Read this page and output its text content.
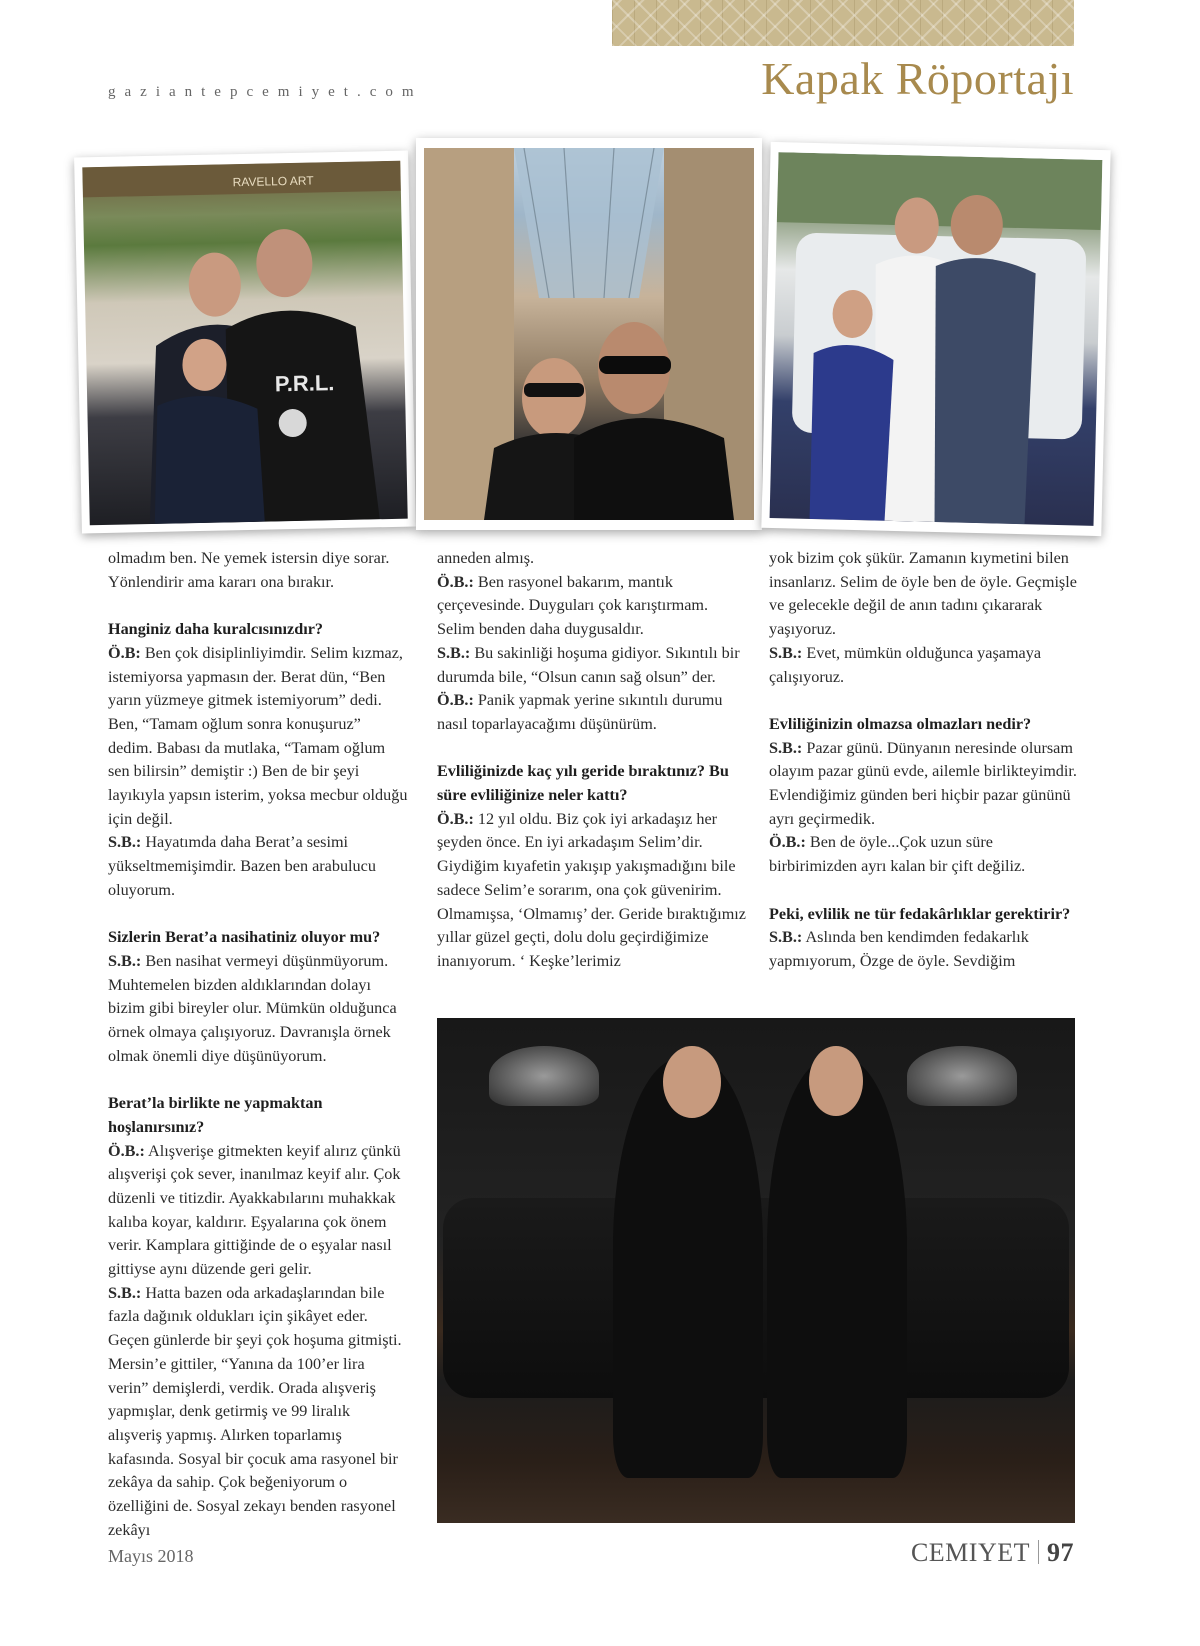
gaziantepcemiyet.com	Kapak Röportajı
RAVELLO ART
P.R.L.

olmadım ben. Ne yemek istersin diye sorar. Yönlendirir ama kararı ona bırakır.

Hanginiz daha kuralcısınızdır?

Ö.B: Ben çok disiplinliyimdir. Selim kızmaz, istemiyorsa yapmasın der. Berat dün, “Ben yarın yüzmeye gitmek istemiyorum” dedi. Ben, “Tamam oğlum sonra konuşuruz” dedim. Babası da mutlaka, “Tamam oğlum sen bilirsin” demiştir :) Ben de bir şeyi layıkıyla yapsın isterim, yoksa mecbur olduğu için değil.

S.B.: Hayatımda daha Berat’a sesimi yükseltmemişimdir. Bazen ben arabulucu oluyorum.

Sizlerin Berat’a nasihatiniz oluyor mu?

S.B.: Ben nasihat vermeyi düşünmüyorum. Muhtemelen bizden aldıklarından dolayı bizim gibi bireyler olur. Mümkün olduğunca örnek olmaya çalışıyoruz. Davranışla örnek olmak önemli diye düşünüyorum.

Berat’la birlikte ne yapmaktan hoşlanırsınız?

Ö.B.: Alışverişe gitmekten keyif alırız çünkü alışverişi çok sever, inanılmaz keyif alır. Çok düzenli ve titizdir. Ayakkabılarını muhakkak kalıba koyar, kaldırır. Eşyalarına çok önem verir. Kamplara gittiğinde de o eşyalar nasıl gittiyse aynı düzende geri gelir.

S.B.: Hatta bazen oda arkadaşlarından bile fazla dağınık oldukları için şikâyet eder. Geçen günlerde bir şeyi çok hoşuma gitmişti. Mersin’e gittiler, “Yanına da 100’er lira verin” demişlerdi, verdik. Orada alışveriş yapmışlar, denk getirmiş ve 99 liralık alışveriş yapmış. Alırken toparlamış kafasında. Sosyal bir çocuk ama rasyonel bir zekâya da sahip. Çok beğeniyorum o özelliğini de. Sosyal zekayı benden rasyonel zekâyı

anneden almış.

Ö.B.: Ben rasyonel bakarım, mantık çerçevesinde. Duyguları çok karıştırmam. Selim benden daha duygusaldır.

S.B.: Bu sakinliği hoşuma gidiyor. Sıkıntılı bir durumda bile, “Olsun canın sağ olsun” der.

Ö.B.: Panik yapmak yerine sıkıntılı durumu nasıl toparlayacağımı düşünürüm.

Evliliğinizde kaç yılı geride bıraktınız? Bu süre evliliğinize neler kattı?

Ö.B.: 12 yıl oldu. Biz çok iyi arkadaşız her şeyden önce. En iyi arkadaşım Selim’dir. Giydiğim kıyafetin yakışıp yakışmadığını bile sadece Selim’e sorarım, ona çok güvenirim. Olmamışsa, ‘Olmamış’ der. Geride bıraktığımız yıllar güzel geçti, dolu dolu geçirdiğimize inanıyorum. ‘ Keşke’lerimiz

yok bizim çok şükür. Zamanın kıymetini bilen insanlarız. Selim de öyle ben de öyle. Geçmişle ve gelecekle değil de anın tadını çıkararak yaşıyoruz.

S.B.: Evet, mümkün olduğunca yaşamaya çalışıyoruz.

Evliliğinizin olmazsa olmazları nedir?

S.B.: Pazar günü. Dünyanın neresinde olursam olayım pazar günü evde, ailemle birlikteyimdir. Evlendiğimiz günden beri hiçbir pazar gününü ayrı geçirmedik.

Ö.B.: Ben de öyle...Çok uzun süre birbirimizden ayrı kalan bir çift değiliz.

Peki, evlilik ne tür fedakârlıklar gerektirir?

S.B.: Aslında ben kendimden fedakarlık yapmıyorum, Özge de öyle. Sevdiğim

Mayıs 2018	CEMIYET 97
